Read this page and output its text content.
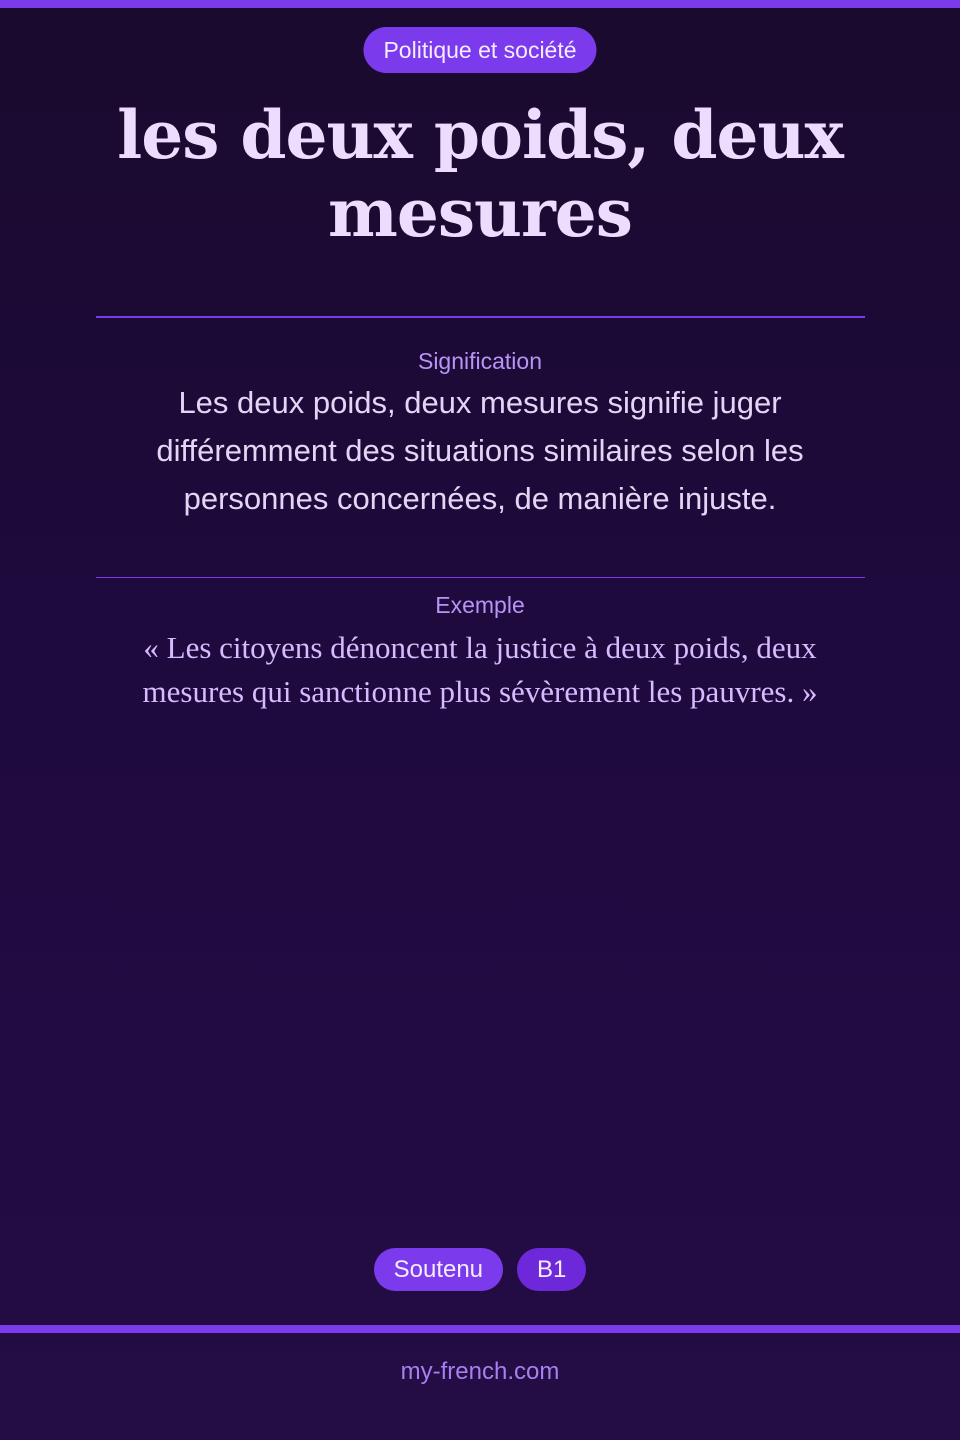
Politique et société
les deux poids, deux mesures
Signification

Les deux poids, deux mesures signifie juger différemment des situations similaires selon les personnes concernées, de manière injuste.

Exemple

« Les citoyens dénoncent la justice à deux poids, deux mesures qui sanctionne plus sévèrement les pauvres. »

Soutenu	B1
my-french.com
